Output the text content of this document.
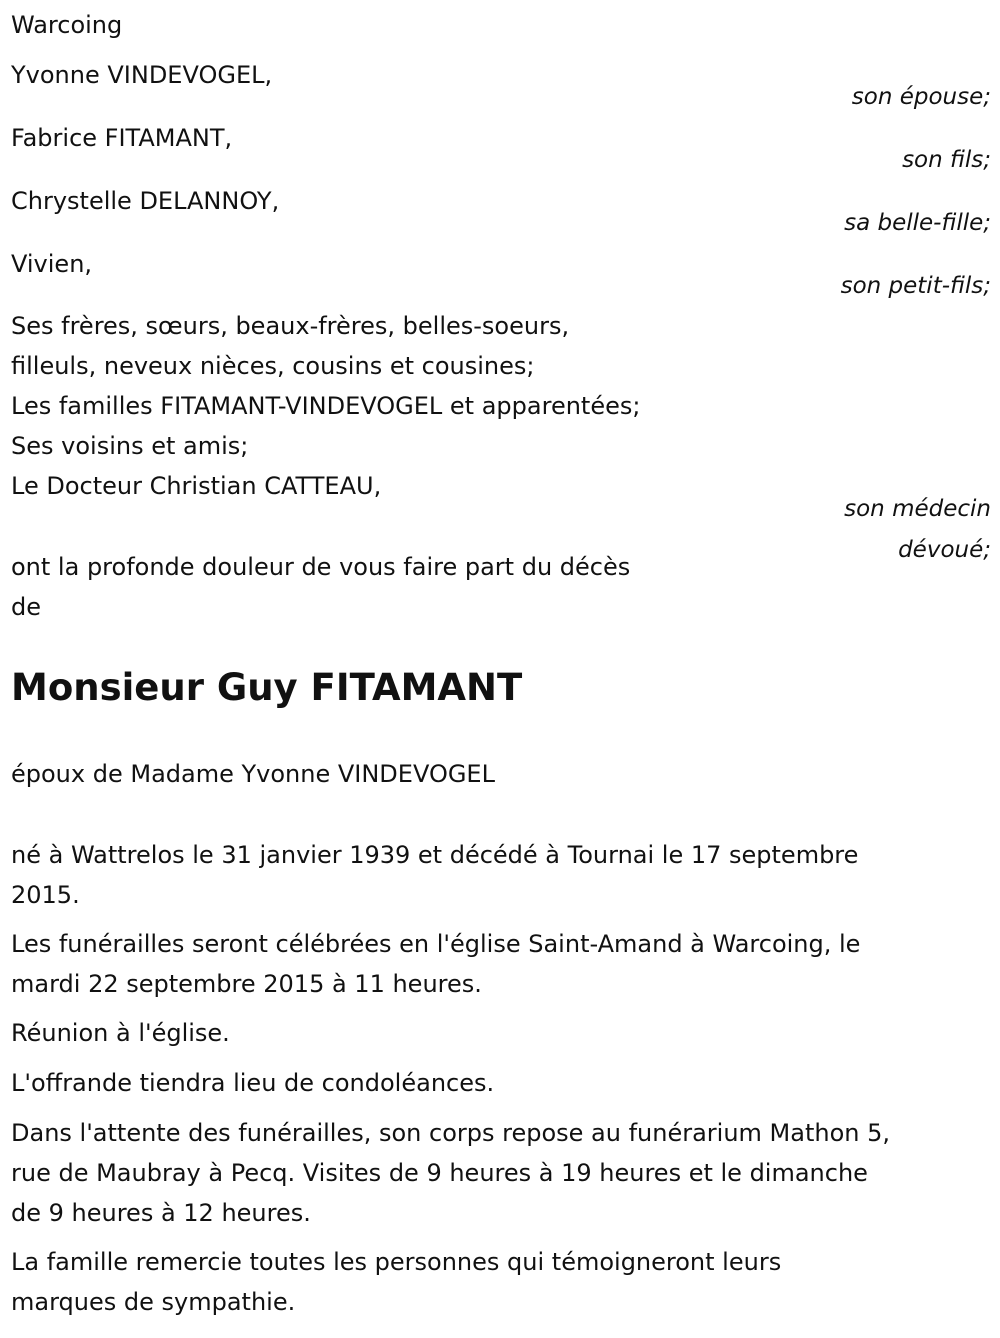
Warcoing
Yvonne VINDEVOGEL,
son épouse;
Fabrice FITAMANT,
son fils;
Chrystelle DELANNOY,
sa belle-fille;
Vivien,
son petit-fils;
Ses frères, sœurs, beaux-frères, belles-soeurs,
filleuls, neveux nièces, cousins et cousines;
Les familles FITAMANT-VINDEVOGEL et apparentées;
Ses voisins et amis;
Le Docteur Christian CATTEAU,
son médecin
dévoué;
ont la profonde douleur de vous faire part du décès
de
Monsieur Guy FITAMANT
époux de Madame Yvonne VINDEVOGEL
né à Wattrelos le 31 janvier 1939 et décédé à Tournai le 17 septembre
2015.
Les funérailles seront célébrées en l'église Saint-Amand à Warcoing, le
mardi 22 septembre 2015 à 11 heures.
Réunion à l'église.
L'offrande tiendra lieu de condoléances.
Dans l'attente des funérailles, son corps repose au funérarium Mathon 5,
rue de Maubray à Pecq. Visites de 9 heures à 19 heures et le dimanche
de 9 heures à 12 heures.
La famille remercie toutes les personnes qui témoigneront leurs
marques de sympathie.
